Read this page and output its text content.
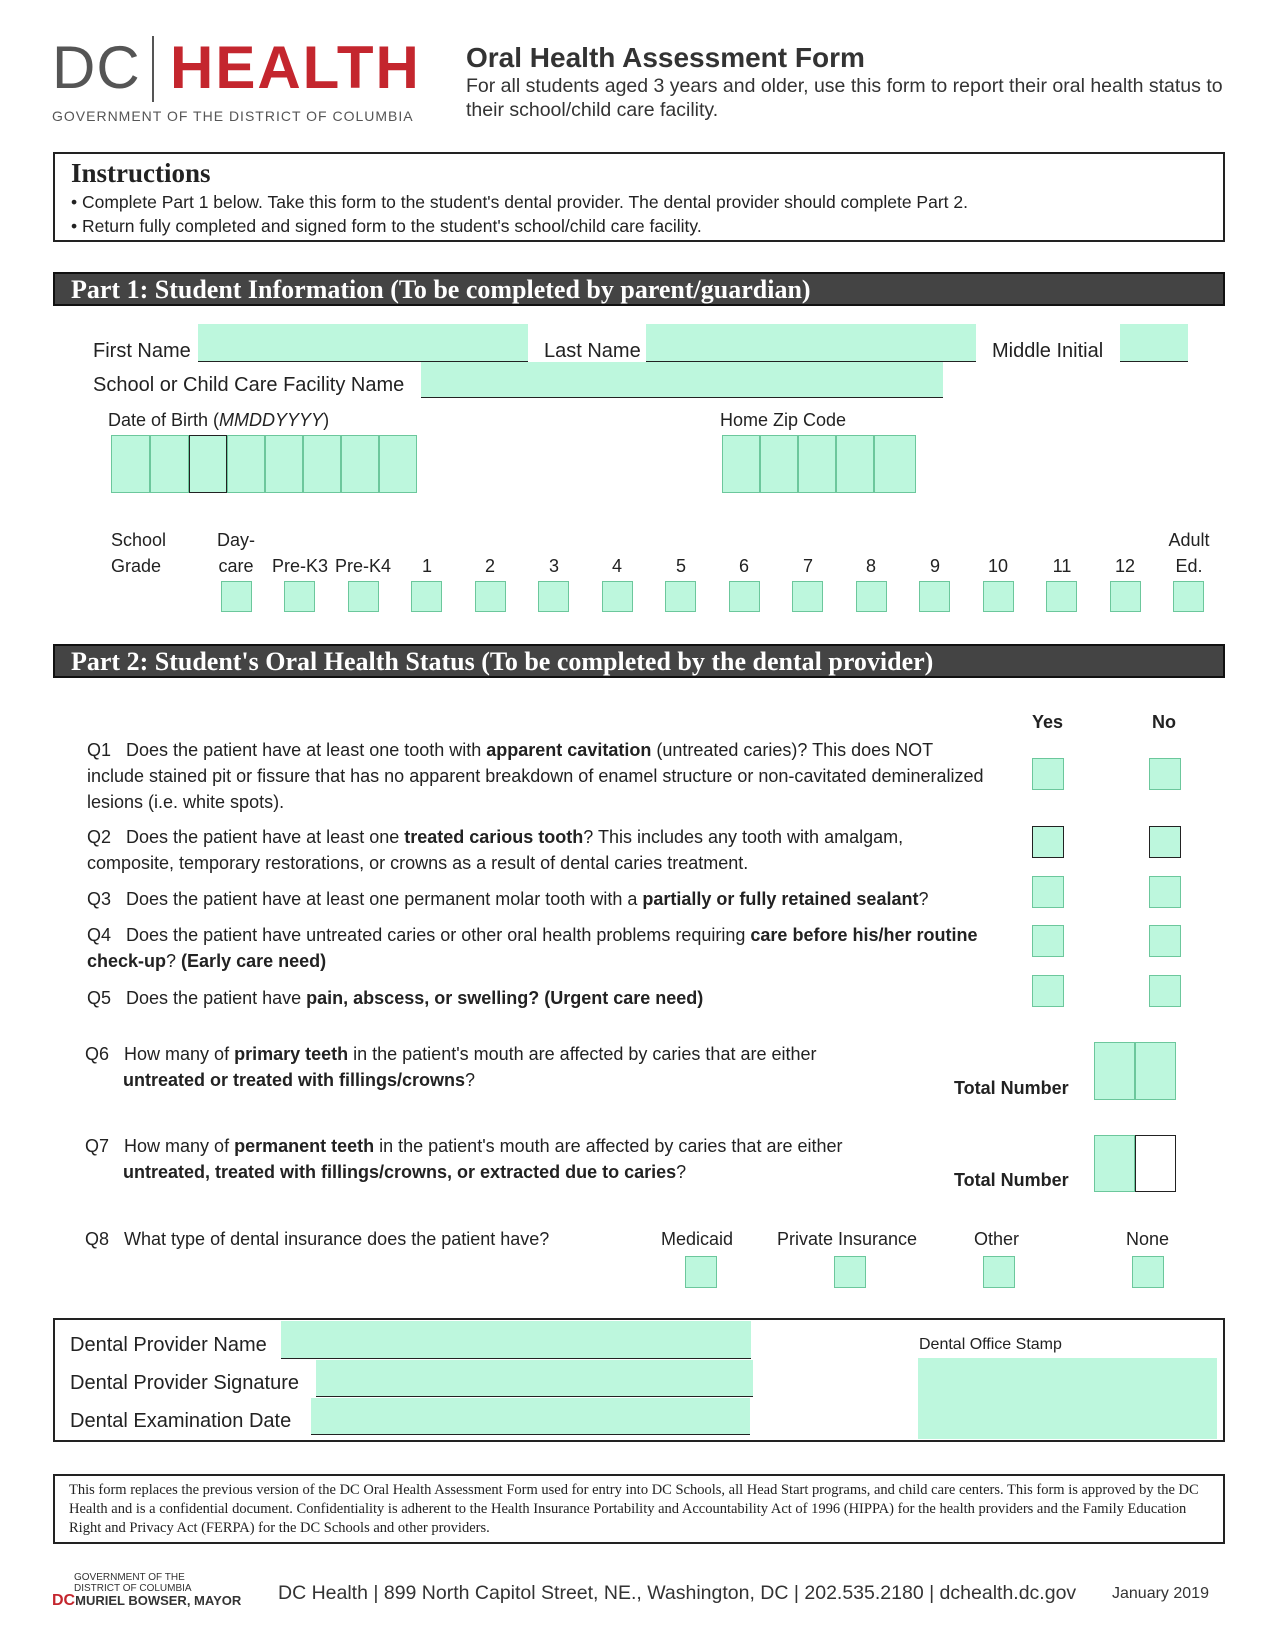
DC HEALTH
GOVERNMENT OF THE DISTRICT OF COLUMBIA
Oral Health Assessment Form
For all students aged 3 years and older, use this form to report their oral health status to their school/child care facility.
Instructions
• Complete Part 1 below. Take this form to the student's dental provider. The dental provider should complete Part 2.
• Return fully completed and signed form to the student's school/child care facility.
Part 1: Student Information (To be completed by parent/guardian)
First Name	Last Name	Middle Initial
School or Child Care Facility Name
Date of Birth (MMDDYYYY)	Home Zip Code
School
Grade
Day-
care	Pre-K3 Pre-K4	1	2	3	4	5	6	7	8	9	10	11	12
Adult
Ed.
Part 2: Student's Oral Health Status (To be completed by the dental provider)
Yes	No
Q1 Does the patient have at least one tooth with apparent cavitation (untreated caries)? This does NOT include stained pit or fissure that has no apparent breakdown of enamel structure or non-cavitated demineralized lesions (i.e. white spots).
Q2 Does the patient have at least one treated carious tooth? This includes any tooth with amalgam, composite, temporary restorations, or crowns as a result of dental caries treatment.
Q3 Does the patient have at least one permanent molar tooth with a partially or fully retained sealant?
Q4 Does the patient have untreated caries or other oral health problems requiring care before his/her routine check-up? (Early care need)
Q5 Does the patient have pain, abscess, or swelling? (Urgent care need)
Q6 How many of primary teeth in the patient's mouth are affected by caries that are either
untreated or treated with fillings/crowns?	Total Number
Q7 How many of permanent teeth in the patient's mouth are affected by caries that are either
untreated, treated with fillings/crowns, or extracted due to caries?	Total Number
Q8 What type of dental insurance does the patient have?	Medicaid Private Insurance	Other	None
Dental Provider Name
Dental Provider Signature
Dental Examination Date
Dental Office Stamp
This form replaces the previous version of the DC Oral Health Assessment Form used for entry into DC Schools, all Head Start programs, and child care centers. This form is approved by the DC Health and is a confidential document. Confidentiality is adherent to the Health Insurance Portability and Accountability Act of 1996 (HIPPA) for the health providers and the Family Education Right and Privacy Act (FERPA) for the DC Schools and other providers.
GOVERNMENT OF THE
DISTRICT OF COLUMBIA
DCMURIEL BOWSER, MAYOR DC Health | 899 North Capitol Street, NE., Washington, DC | 202.535.2180 | dchealth.dc.gov January 2019
